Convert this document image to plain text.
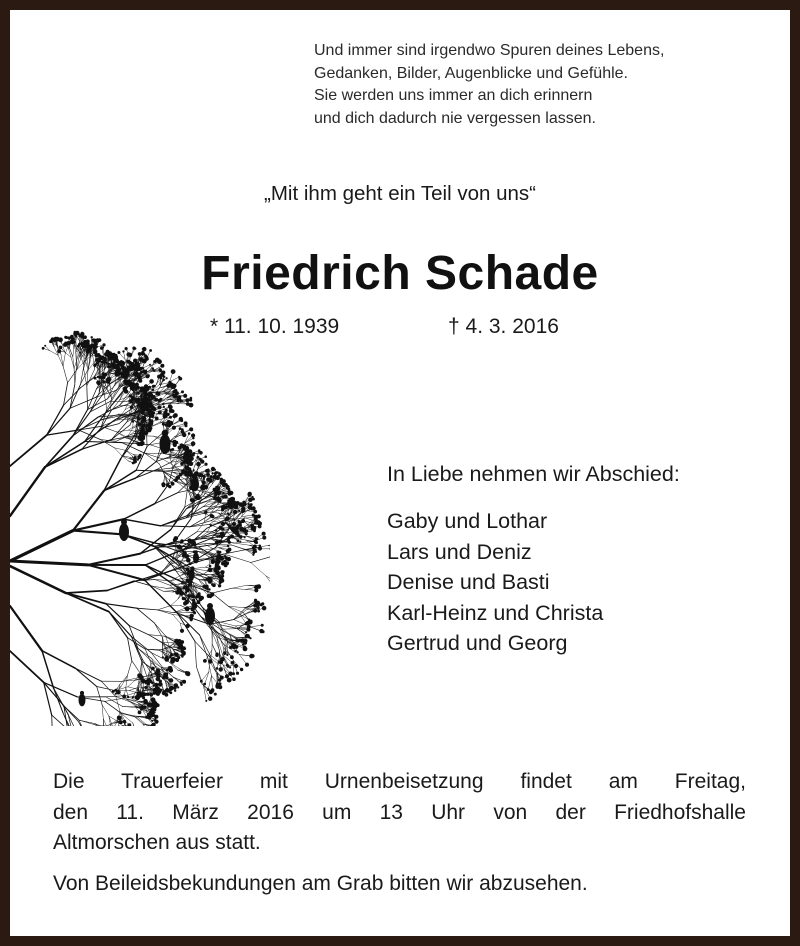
Und immer sind irgendwo Spuren deines Lebens,
Gedanken, Bilder, Augenblicke und Gefühle.
Sie werden uns immer an dich erinnern
und dich dadurch nie vergessen lassen.
„Mit ihm geht ein Teil von uns“
Friedrich Schade
* 11. 10. 1939	† 4. 3. 2016
In Liebe nehmen wir Abschied:
Gaby und Lothar
Lars und Deniz
Denise und Basti
Karl-Heinz und Christa
Gertrud und Georg

Die Trauerfeier mit Urnenbeisetzung findet am Freitag,

den 11. März 2016 um 13 Uhr von der Friedhofshalle

Altmorschen aus statt.

Von Beileidsbekundungen am Grab bitten wir abzusehen.
